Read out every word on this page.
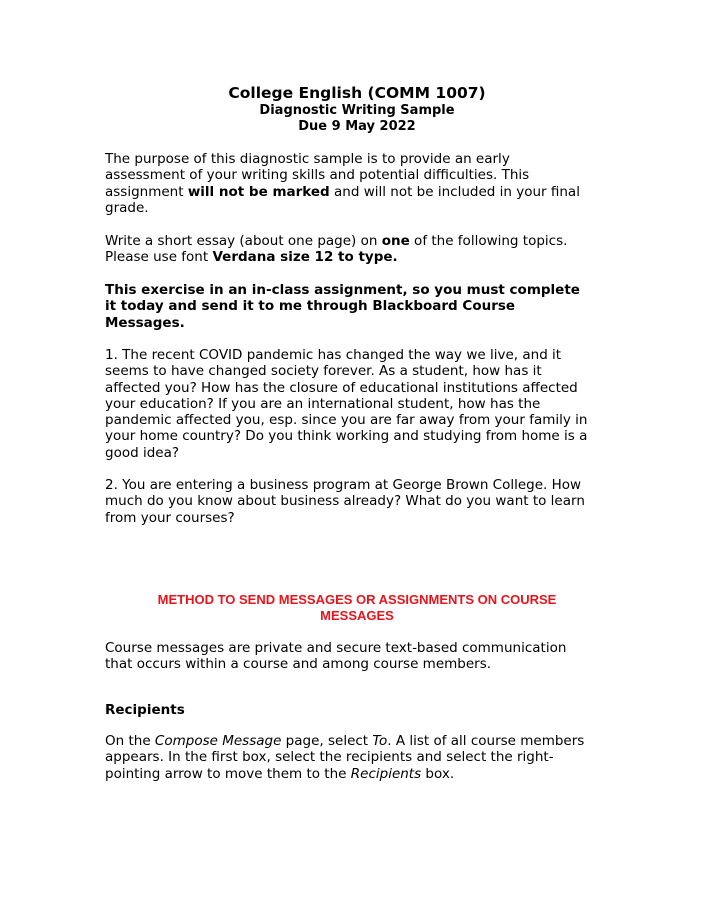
College English (COMM 1007)
Diagnostic Writing Sample
Due 9 May 2022
The purpose of this diagnostic sample is to provide an early
assessment of your writing skills and potential difficulties. This
assignment will not be marked and will not be included in your final
grade.
Write a short essay (about one page) on one of the following topics.
Please use font Verdana size 12 to type.
This exercise in an in-class assignment, so you must complete
it today and send it to me through Blackboard Course
Messages.
1. The recent COVID pandemic has changed the way we live, and it
seems to have changed society forever. As a student, how has it
affected you? How has the closure of educational institutions affected
your education? If you are an international student, how has the
pandemic affected you, esp. since you are far away from your family in
your home country? Do you think working and studying from home is a
good idea?
2. You are entering a business program at George Brown College. How
much do you know about business already? What do you want to learn
from your courses?
METHOD TO SEND MESSAGES OR ASSIGNMENTS ON COURSE
MESSAGES
Course messages are private and secure text-based communication
that occurs within a course and among course members.
Recipients
On the Compose Message page, select To. A list of all course members
appears. In the first box, select the recipients and select the right-
pointing arrow to move them to the Recipients box.
